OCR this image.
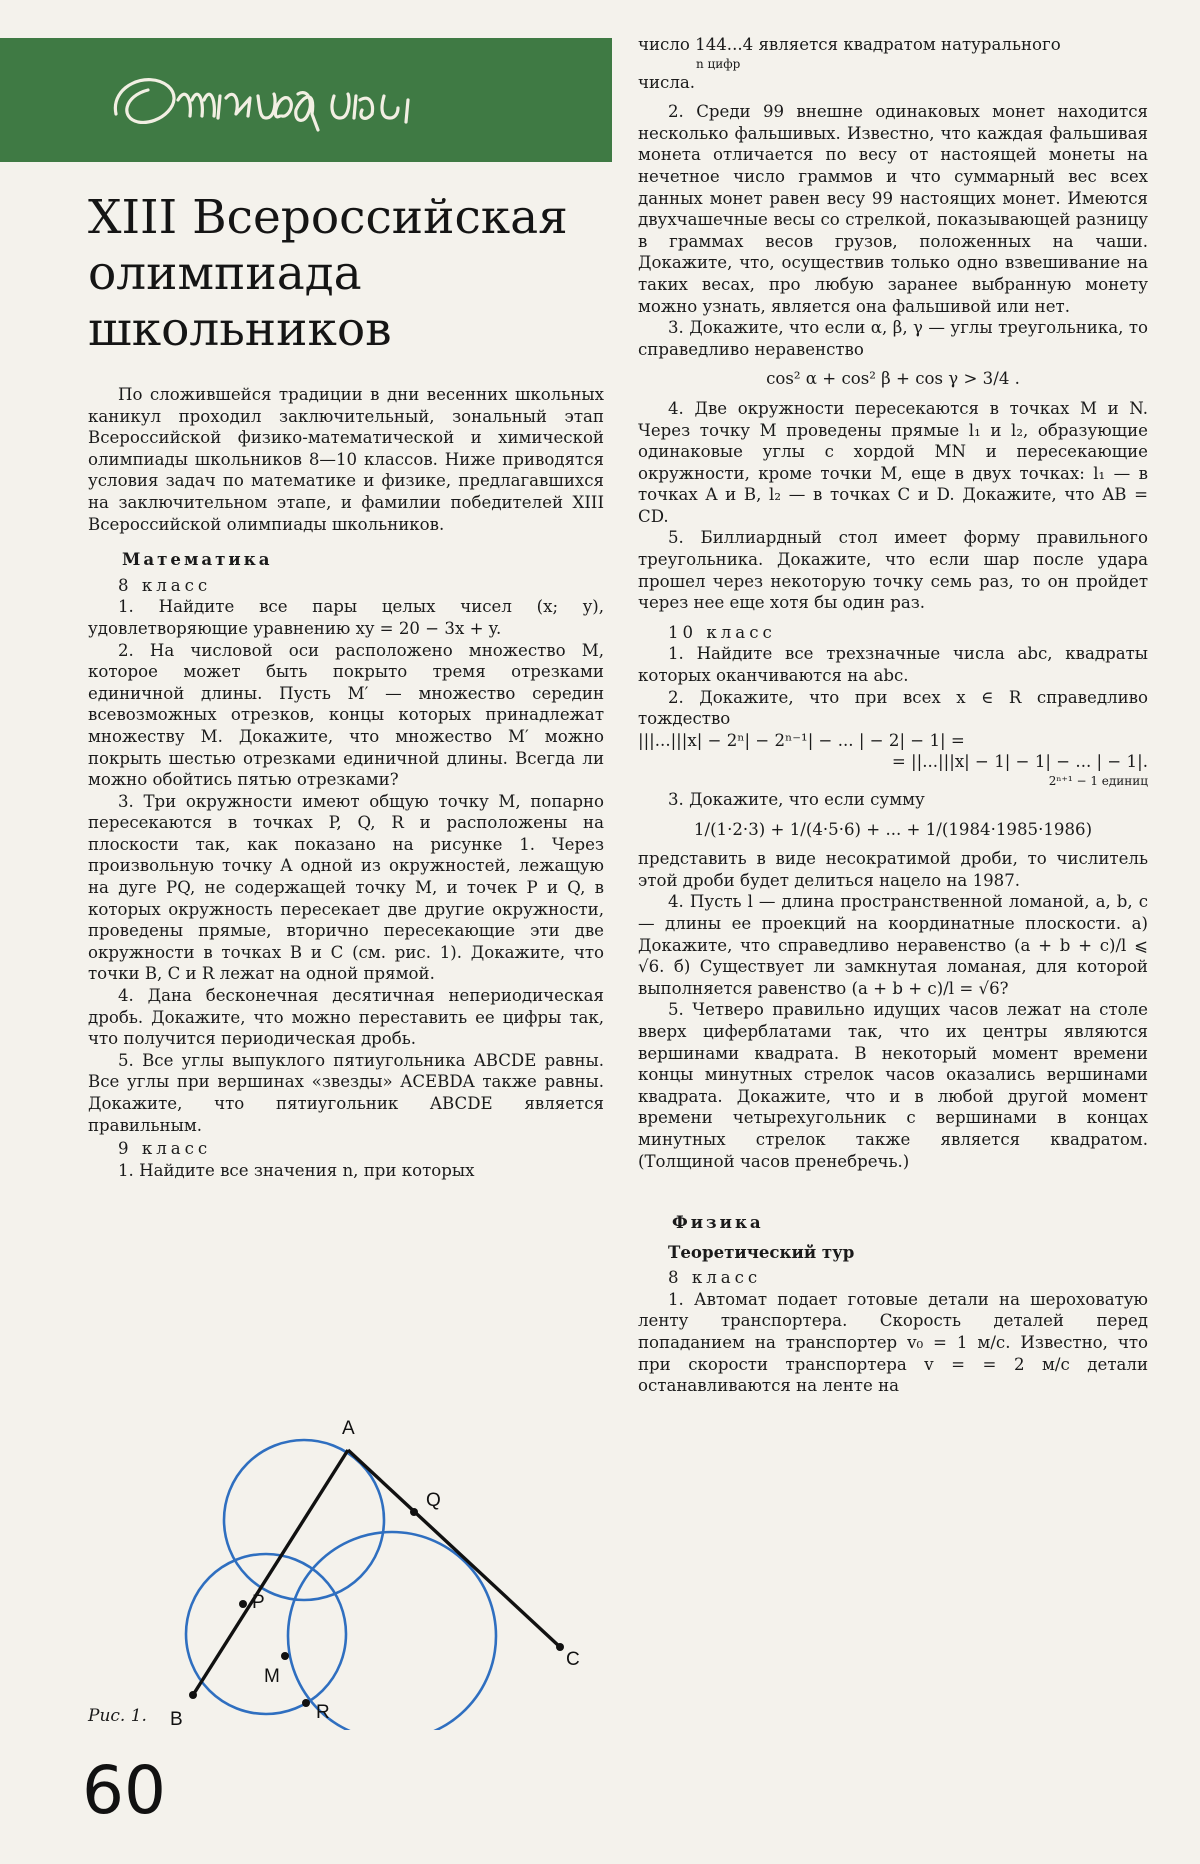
XIII Всероссийская олимпиада школьников

По сложившейся традиции в дни весенних школьных каникул проходил заключительный, зональный этап Всероссийской физико-математической и химической олимпиады школьников 8—10 классов. Ниже приводятся условия задач по математике и физике, предлагавшихся на заключительном этапе, и фамилии победителей XIII Всероссийской олимпиады школьников.

Математика

8 класс

1. Найдите все пары целых чисел (x; y), удовлетворяющие уравнению xy = 20 − 3x + y.

2. На числовой оси расположено множество M, которое может быть покрыто тремя отрезками единичной длины. Пусть M′ — множество середин всевозможных отрезков, концы которых принадлежат множеству M. Докажите, что множество M′ можно покрыть шестью отрезками единичной длины. Всегда ли можно обойтись пятью отрезками?

3. Три окружности имеют общую точку M, попарно пересекаются в точках P, Q, R и расположены на плоскости так, как показано на рисунке 1. Через произвольную точку A одной из окружностей, лежащую на дуге PQ, не содержащей точку M, и точек P и Q, в которых окружность пересекает две другие окружности, проведены прямые, вторично пересекающие эти две окружности в точках B и C (см. рис. 1). Докажите, что точки B, C и R лежат на одной прямой.

4. Дана бесконечная десятичная непериодическая дробь. Докажите, что можно переставить ее цифры так, что получится периодическая дробь.

5. Все углы выпуклого пятиугольника ABCDE равны. Все углы при вершинах «звезды» ACEBDA также равны. Докажите, что пятиугольник ABCDE является правильным.

9 класс

1. Найдите все значения n, при которых

число 144...4 является квадратом натурального

n цифр

числа.

2. Среди 99 внешне одинаковых монет находится несколько фальшивых. Известно, что каждая фальшивая монета отличается по весу от настоящей монеты на нечетное число граммов и что суммарный вес всех данных монет равен весу 99 настоящих монет. Имеются двухчашечные весы со стрелкой, показывающей разницу в граммах весов грузов, положенных на чаши. Докажите, что, осуществив только одно взвешивание на таких весах, про любую заранее выбранную монету можно узнать, является она фальшивой или нет.

3. Докажите, что если α, β, γ — углы треугольника, то справедливо неравенство

cos² α + cos² β + cos γ > 3/4 .

4. Две окружности пересекаются в точках M и N. Через точку M проведены прямые l₁ и l₂, образующие одинаковые углы с хордой MN и пересекающие окружности, кроме точки M, еще в двух точках: l₁ — в точках A и B, l₂ — в точках C и D. Докажите, что AB = CD.

5. Биллиардный стол имеет форму правильного треугольника. Докажите, что если шар после удара прошел через некоторую точку семь раз, то он пройдет через нее еще хотя бы один раз.

10 класс

1. Найдите все трехзначные числа abc, квадраты которых оканчиваются на abc.

2. Докажите, что при всех x ∈ R справедливо тождество

|||...|||x| − 2ⁿ| − 2ⁿ⁻¹| − ... | − 2| − 1| =

= ||...|||x| − 1| − 1| − ... | − 1|.

2ⁿ⁺¹ − 1 единиц

3. Докажите, что если сумму

1/(1·2·3) + 1/(4·5·6) + ... + 1/(1984·1985·1986)

представить в виде несократимой дроби, то числитель этой дроби будет делиться нацело на 1987.

4. Пусть l — длина пространственной ломаной, a, b, c — длины ее проекций на координатные плоскости. а) Докажите, что справедливо неравенство (a + b + c)/l ⩽ √6. б) Существует ли замкнутая ломаная, для которой выполняется равенство (a + b + c)/l = √6?

5. Четверо правильно идущих часов лежат на столе вверх циферблатами так, что их центры являются вершинами квадрата. В некоторый момент времени концы минутных стрелок часов оказались вершинами квадрата. Докажите, что и в любой другой момент времени четырехугольник с вершинами в концах минутных стрелок также является квадратом. (Толщиной часов пренебречь.)

Физика

Теоретический тур

8 класс

1. Автомат подает готовые детали на шероховатую ленту транспортера. Скорость деталей перед попаданием на транспортер v₀ = 1 м/с. Известно, что при скорости транспортера v = = 2 м/с детали останавливаются на ленте на

A
Q
P
M
R
B
C
Рис. 1.
60
